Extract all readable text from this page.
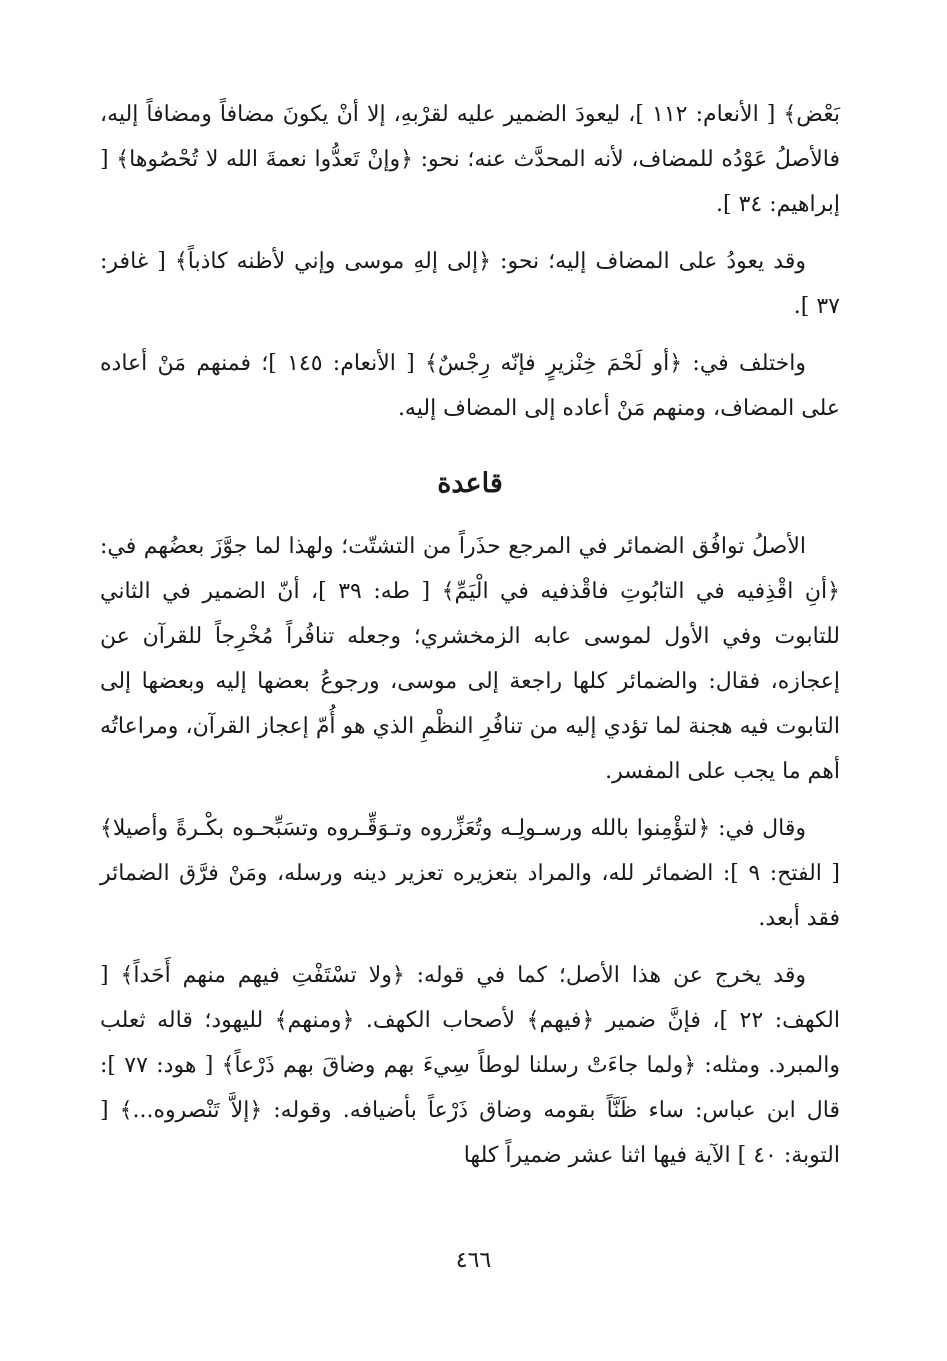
بَعْض﴾ [ الأنعام: ١١٢ ]، ليعودَ الضمير عليه لقرْبهِ، إلا أنْ يكونَ مضافاً ومضافاً إليه، فالأصلُ عَوْدُه للمضاف، لأنه المحدَّث عنه؛ نحو: ﴿وإنْ تَعدُّوا نعمةَ الله لا تُحْصُوها﴾ [ إبراهيم: ٣٤ ].

وقد يعودُ على المضاف إليه؛ نحو: ﴿إلى إلهِ موسى وإني لأظنه كاذباً﴾ [ غافر: ٣٧ ].

واختلف في: ﴿أو لَحْمَ خِنْزيرٍ فإنّه رِجْسٌ﴾ [ الأنعام: ١٤٥ ]؛ فمنهم مَنْ أعاده على المضاف، ومنهم مَنْ أعاده إلى المضاف إليه.

قاعدة

الأصلُ توافُق الضمائر في المرجع حذَراً من التشتّت؛ ولهذا لما جوَّزَ بعضُهم في: ﴿أنِ اقْذِفيه في التابُوتِ فاقْذفيه في الْيَمِّ﴾ [ طه: ٣٩ ]، أنّ الضمير في الثاني للتابوت وفي الأول لموسى عابه الزمخشري؛ وجعله تنافُراً مُخْرِجاً للقرآن عن إعجازه، فقال: والضمائر كلها راجعة إلى موسى، ورجوعُ بعضها إليه وبعضها إلى التابوت فيه هجنة لما تؤدي إليه من تنافُرِ النظْمِ الذي هو أُمّ إعجاز القرآن، ومراعاتُه أهم ما يجب على المفسر.

وقال في: ﴿لتؤْمِنوا بالله ورسـولِـه وتُعَزِّروه وتـوَقِّـروه وتسَبِّحـوه بكْـرةً وأصيلا﴾ [ الفتح: ٩ ]: الضمائر لله، والمراد بتعزيره تعزير دينه ورسله، ومَنْ فرَّق الضمائر فقد أبعد.

وقد يخرج عن هذا الأصل؛ كما في قوله: ﴿ولا تسْتَفْتِ فيهم منهم أَحَداً﴾ [ الكهف: ٢٢ ]، فإنَّ ضمير ﴿فيهم﴾ لأصحاب الكهف. ﴿ومنهم﴾ لليهود؛ قاله ثعلب والمبرد. ومثله: ﴿ولما جاءَتْ رسلنا لوطاً سِيءَ بهم وضاقَ بهم ذَرْعاً﴾ [ هود: ٧٧ ]: قال ابن عباس: ساء ظَنَّاً بقومه وضاق ذَرْعاً بأضيافه. وقوله: ﴿إلاَّ تَنْصروه...﴾ [ التوبة: ٤٠ ] الآية فيها اثنا عشر ضميراً كلها

٤٦٦
